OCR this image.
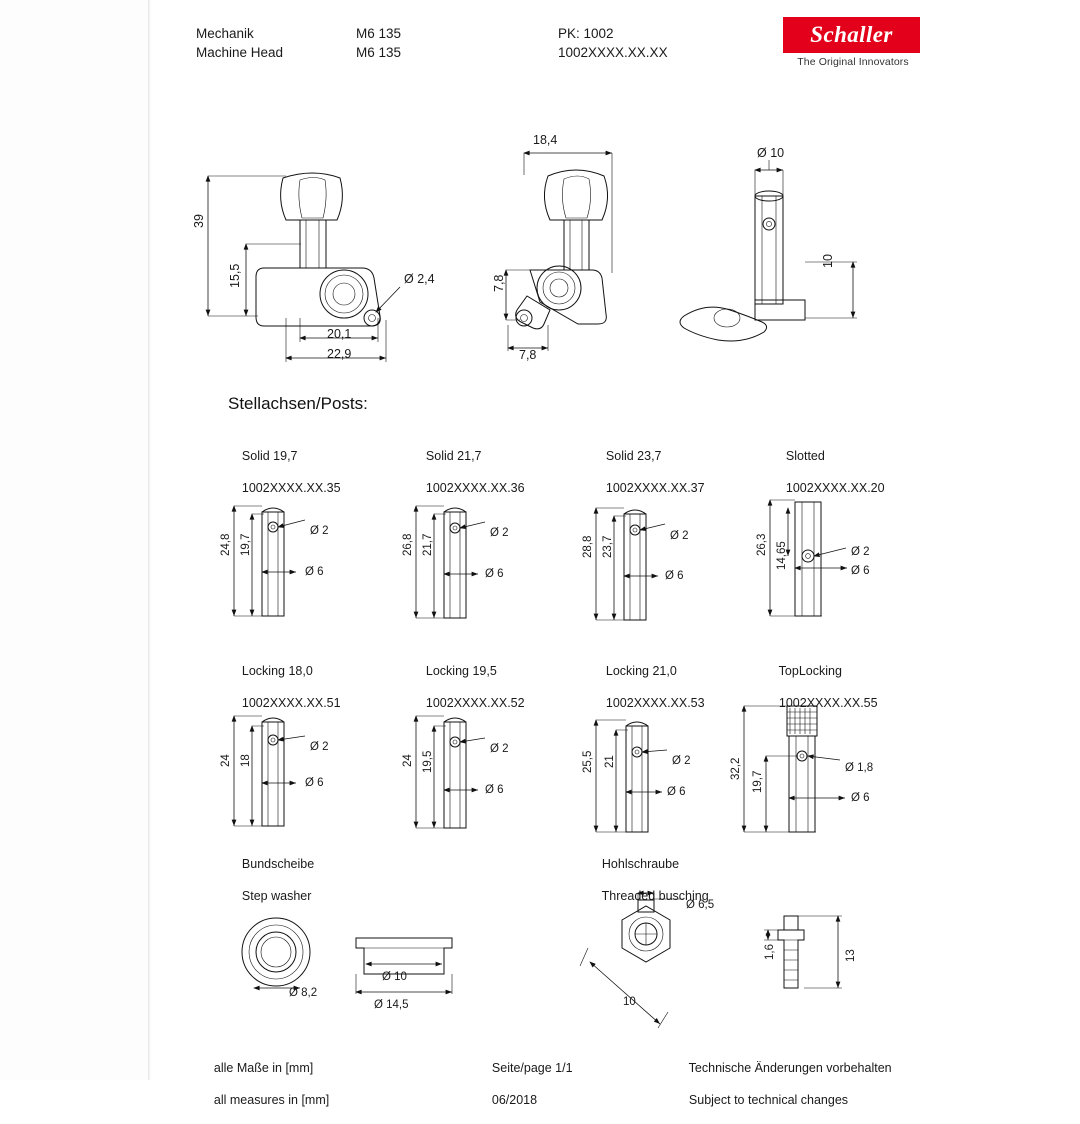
Mechanik
Machine Head
M6 135
M6 135
PK: 1002
1002XXXX.XX.XX
Schaller
The Original Innovators
Stellachsen/Posts:

Solid 19,7

1002XXXX.XX.35

Solid 21,7

1002XXXX.XX.36

Solid 23,7

1002XXXX.XX.37

Slotted

1002XXXX.XX.20

Locking 18,0

1002XXXX.XX.51

Locking 19,5

1002XXXX.XX.52

Locking 21,0

1002XXXX.XX.53

TopLocking

1002XXXX.XX.55

Bundscheibe

Step washer

Hohlschraube

Threaded busching

alle Maße in [mm]

all measures in [mm]

Seite/page 1/1

06/2018

Technische Änderungen vorbehalten

Subject to technical changes

39
15,5	Ø 2,4
20,1
22,9
18,4
7,8
7,8
Ø 10
10
24,8 19,7
Ø 2
Ø 6
26,8 21,7
Ø 2
Ø 6
28,8 23,7	Ø 2
Ø 6
26,3 14,65	Ø 2
Ø 6
24 18
Ø 2
Ø 6
24 19,5
Ø 2
Ø 6
25,5 21	Ø 2
Ø 6
32,2
19,7
Ø 1,8
Ø 6
Ø 8,2
Ø 10
Ø 14,5
Ø 6,5
10
1,6	13
